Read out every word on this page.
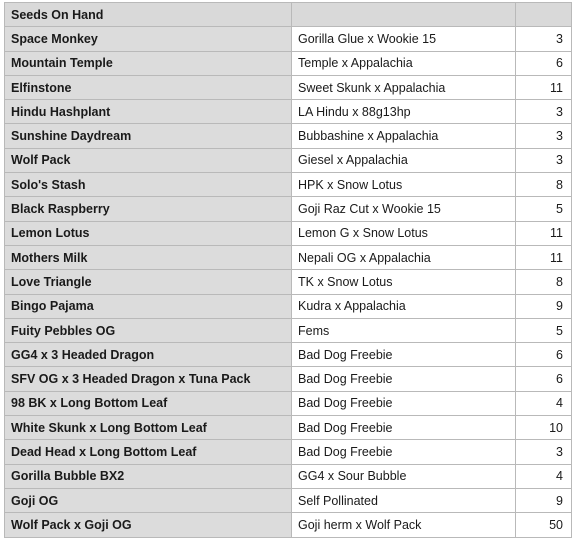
Seeds On Hand		
Space Monkey	Gorilla Glue x Wookie 15	3
Mountain Temple	Temple x Appalachia	6
Elfinstone	Sweet Skunk x Appalachia	11
Hindu Hashplant	LA Hindu x 88g13hp	3
Sunshine Daydream	Bubbashine x Appalachia	3
Wolf Pack	Giesel x Appalachia	3
Solo's Stash	HPK x Snow Lotus	8
Black Raspberry	Goji Raz Cut x Wookie 15	5
Lemon Lotus	Lemon G x Snow Lotus	11
Mothers Milk	Nepali OG x Appalachia	11
Love Triangle	TK x Snow Lotus	8
Bingo Pajama	Kudra x Appalachia	9
Fuity Pebbles OG	Fems	5
GG4 x 3 Headed Dragon	Bad Dog Freebie	6
SFV OG x 3 Headed Dragon x Tuna Pack	Bad Dog Freebie	6
98 BK x Long Bottom Leaf	Bad Dog Freebie	4
White Skunk x Long Bottom Leaf	Bad Dog Freebie	10
Dead Head x Long Bottom Leaf	Bad Dog Freebie	3
Gorilla Bubble BX2	GG4 x Sour Bubble	4
Goji OG	Self Pollinated	9
Wolf Pack x Goji OG	Goji herm x Wolf Pack	50
